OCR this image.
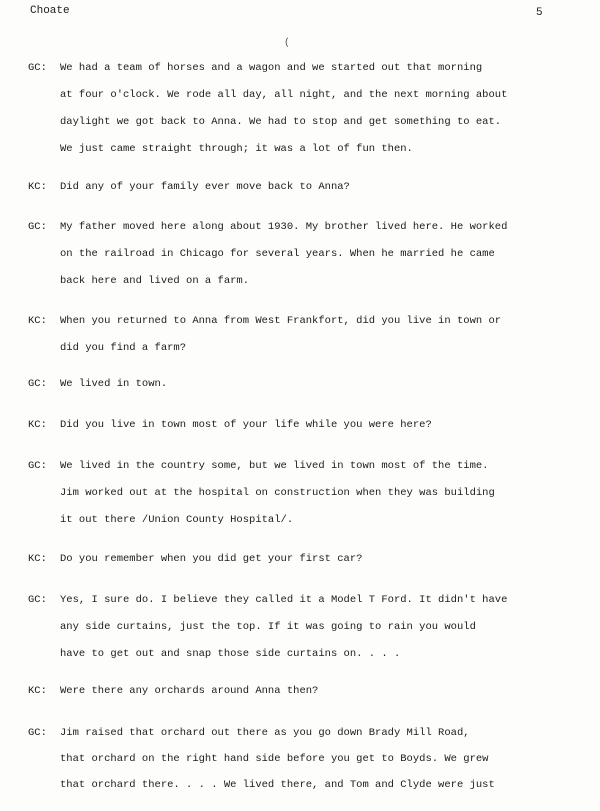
Choate	5
(
GC: We had a team of horses and a wagon and we started out that morning
at four o'clock. We rode all day, all night, and the next morning about
daylight we got back to Anna. We had to stop and get something to eat.
We just came straight through; it was a lot of fun then.
KC: Did any of your family ever move back to Anna?
GC: My father moved here along about 1930. My brother lived here. He worked
on the railroad in Chicago for several years. When he married he came
back here and lived on a farm.
KC: When you returned to Anna from West Frankfort, did you live in town or
did you find a farm?
GC: We lived in town.
KC: Did you live in town most of your life while you were here?
GC: We lived in the country some, but we lived in town most of the time.
Jim worked out at the hospital on construction when they was building
it out there /Union County Hospital/.
KC: Do you remember when you did get your first car?
GC: Yes, I sure do. I believe they called it a Model T Ford. It didn't have
any side curtains, just the top. If it was going to rain you would
have to get out and snap those side curtains on. . . .
KC: Were there any orchards around Anna then?
GC: Jim raised that orchard out there as you go down Brady Mill Road,
that orchard on the right hand side before you get to Boyds. We grew
that orchard there. . . . We lived there, and Tom and Clyde were just
